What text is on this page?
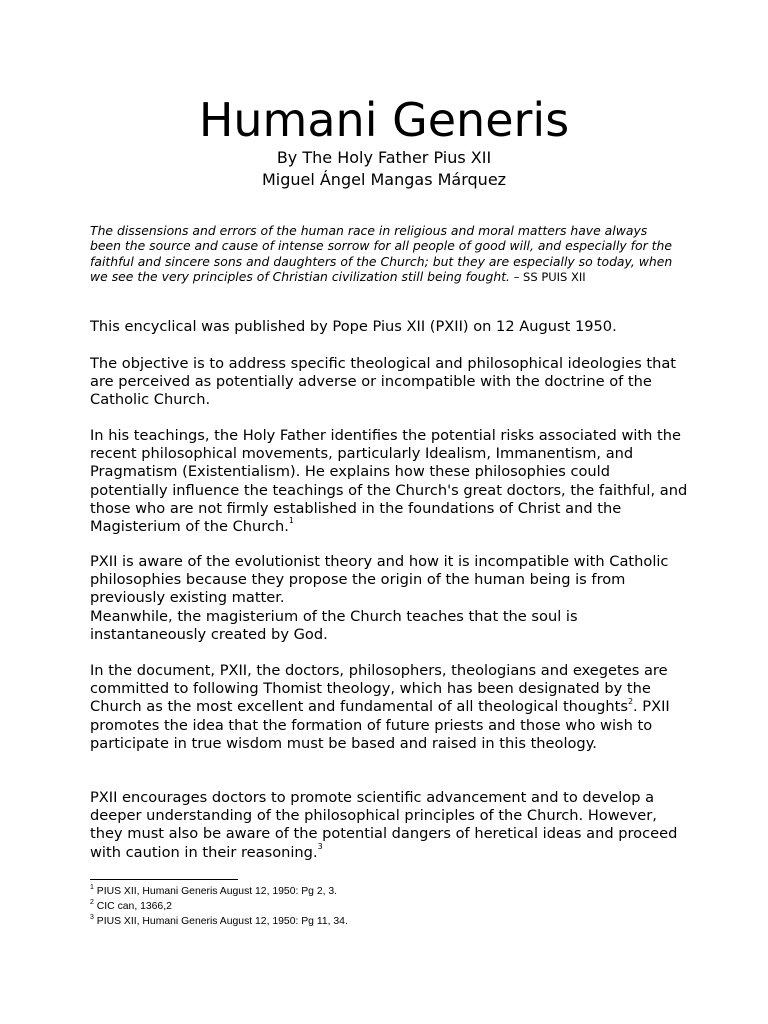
Humani Generis

By The Holy Father Pius XII

Miguel Ángel Mangas Márquez

The dissensions and errors of the human race in religious and moral matters have always been the source and cause of intense sorrow for all people of good will, and especially for the faithful and sincere sons and daughters of the Church; but they are especially so today, when we see the very principles of Christian civilization still being fought. – SS PUIS XII

This encyclical was published by Pope Pius XII (PXII) on 12 August 1950.

The objective is to address specific theological and philosophical ideologies that are perceived as potentially adverse or incompatible with the doctrine of the Catholic Church.

In his teachings, the Holy Father identifies the potential risks associated with the recent philosophical movements, particularly Idealism, Immanentism, and Pragmatism (Existentialism). He explains how these philosophies could potentially influence the teachings of the Church's great doctors, the faithful, and those who are not firmly established in the foundations of Christ and the Magisterium of the Church.$^1$

PXII is aware of the evolutionist theory and how it is incompatible with Catholic philosophies because they propose the origin of the human being is from previously existing matter.
Meanwhile, the magisterium of the Church teaches that the soul is instantaneously created by God.

In the document, PXII, the doctors, philosophers, theologians and exegetes are committed to following Thomist theology, which has been designated by the Church as the most excellent and fundamental of all theological thoughts$^2$. PXII promotes the idea that the formation of future priests and those who wish to participate in true wisdom must be based and raised in this theology.

PXII encourages doctors to promote scientific advancement and to develop a deeper understanding of the philosophical principles of the Church. However, they must also be aware of the potential dangers of heretical ideas and proceed with caution in their reasoning.$^3$

$^1$ PIUS XII, Humani Generis August 12, 1950: Pg 2, 3.
$^2$ CIC can, 1366,2
$^3$ PIUS XII, Humani Generis August 12, 1950: Pg 11, 34.
